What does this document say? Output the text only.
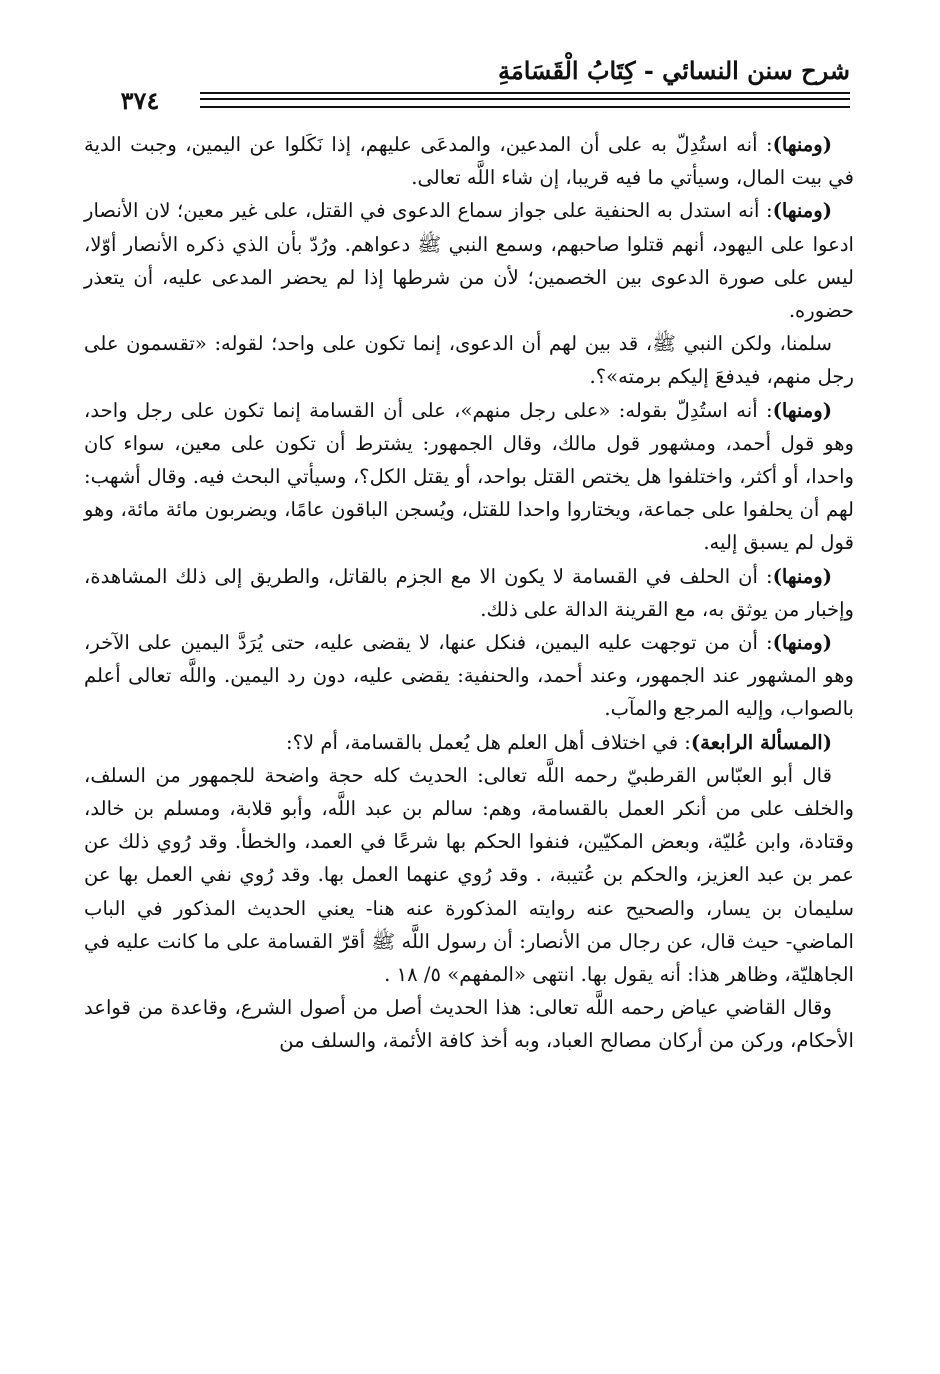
شرح سنن النسائي - كِتَابُ الْقَسَامَةِ
٣٧٤

(ومنها): أنه استُدِلّ به على أن المدعين، والمدعَى عليهم، إذا نَكَلوا عن اليمين، وجبت الدية في بيت المال، وسيأتي ما فيه قريبا، إن شاء اللَّه تعالى.

(ومنها): أنه استدل به الحنفية على جواز سماع الدعوى في القتل، على غير معين؛ لان الأنصار ادعوا على اليهود، أنهم قتلوا صاحبهم، وسمع النبي ﷺ دعواهم. ورُدّ بأن الذي ذكره الأنصار أوّلا، ليس على صورة الدعوى بين الخصمين؛ لأن من شرطها إذا لم يحضر المدعى عليه، أن يتعذر حضوره.

سلمنا، ولكن النبي ﷺ، قد بين لهم أن الدعوى، إنما تكون على واحد؛ لقوله: «تقسمون على رجل منهم، فيدفعَ إليكم برمته»؟.

(ومنها): أنه استُدِلّ بقوله: «على رجل منهم»، على أن القسامة إنما تكون على رجل واحد، وهو قول أحمد، ومشهور قول مالك، وقال الجمهور: يشترط أن تكون على معين، سواء كان واحدا، أو أكثر، واختلفوا هل يختص القتل بواحد، أو يقتل الكل؟، وسيأتي البحث فيه. وقال أشهب: لهم أن يحلفوا على جماعة، ويختاروا واحدا للقتل، ويُسجن الباقون عامًا، ويضربون مائة مائة، وهو قول لم يسبق إليه.

(ومنها): أن الحلف في القسامة لا يكون الا مع الجزم بالقاتل، والطريق إلى ذلك المشاهدة، وإخبار من يوثق به، مع القرينة الدالة على ذلك.

(ومنها): أن من توجهت عليه اليمين، فنكل عنها، لا يقضى عليه، حتى يُرَدَّ اليمين على الآخر، وهو المشهور عند الجمهور، وعند أحمد، والحنفية: يقضى عليه، دون رد اليمين. واللَّه تعالى أعلم بالصواب، وإليه المرجع والمآب.

(المسألة الرابعة): في اختلاف أهل العلم هل يُعمل بالقسامة، أم لا؟:

قال أبو العبّاس القرطبيّ رحمه اللَّه تعالى: الحديث كله حجة واضحة للجمهور من السلف، والخلف على من أنكر العمل بالقسامة، وهم: سالم بن عبد اللَّه، وأبو قلابة، ومسلم بن خالد، وقتادة، وابن عُليّة، وبعض المكيّين، فنفوا الحكم بها شرعًا في العمد، والخطأ. وقد رُوي ذلك عن عمر بن عبد العزيز، والحكم بن عُتيبة، . وقد رُوي عنهما العمل بها. وقد رُوي نفي العمل بها عن سليمان بن يسار، والصحيح عنه روايته المذكورة عنه هنا- يعني الحديث المذكور في الباب الماضي- حيث قال، عن رجال من الأنصار: أن رسول اللَّه ﷺ أقرّ القسامة على ما كانت عليه في الجاهليّة، وظاهر هذا: أنه يقول بها. انتهى «المفهم» ٥/ ١٨ .

وقال القاضي عياض رحمه اللَّه تعالى: هذا الحديث أصل من أصول الشرع، وقاعدة من قواعد الأحكام، وركن من أركان مصالح العباد، وبه أخذ كافة الأئمة، والسلف من
